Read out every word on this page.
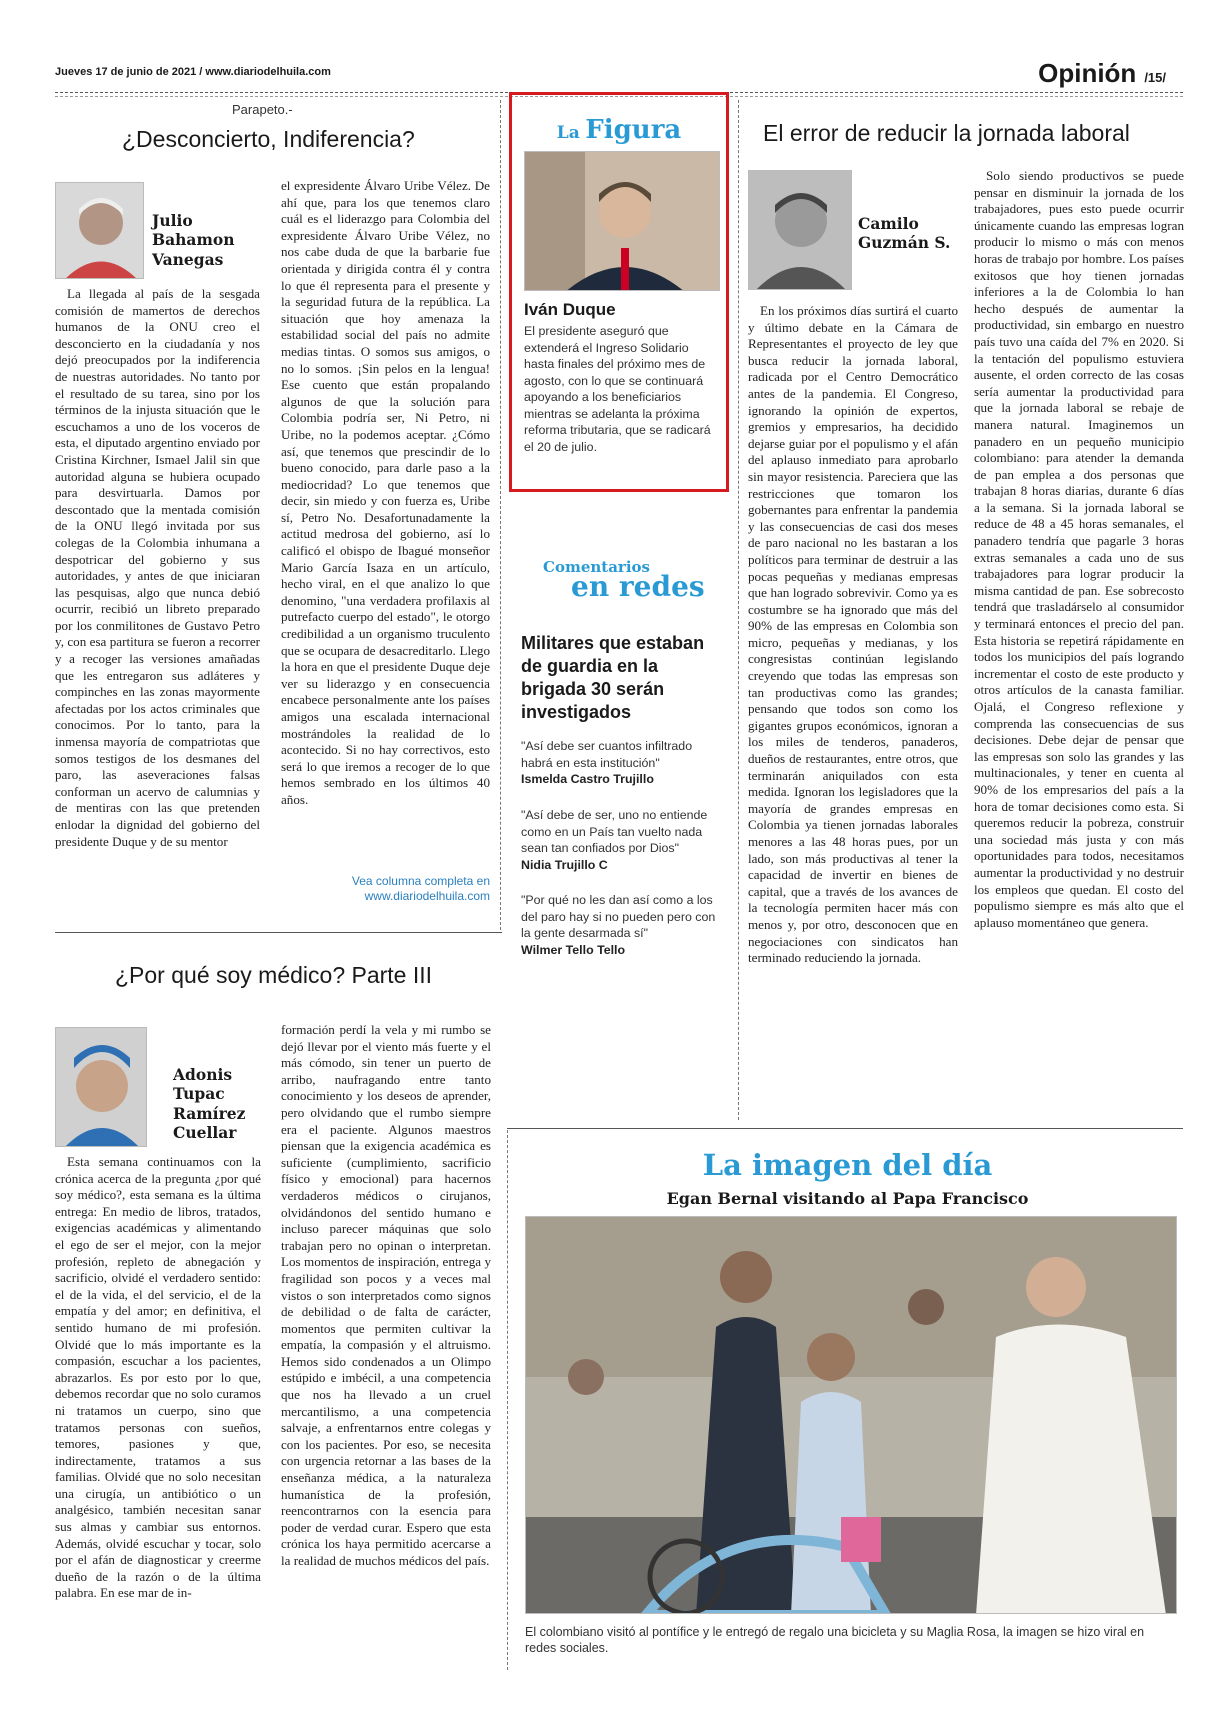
Jueves 17 de junio de 2021 / www.diariodelhuila.com	Opinión /15/
Parapeto.-
¿Desconcierto, Indiferencia?
Julio
Bahamon
Vanegas

La llegada al país de la sesgada comisión de mamertos de derechos humanos de la ONU creo el desconcierto en la ciudadanía y nos dejó preocupados por la indiferencia de nuestras autoridades. No tanto por el resultado de su tarea, sino por los términos de la injusta situación que le escuchamos a uno de los voceros de esta, el diputado argentino enviado por Cristina Kirchner, Ismael Jalil sin que autoridad alguna se hubiera ocupado para desvirtuarla. Damos por descontado que la mentada comisión de la ONU llegó invitada por sus colegas de la Colombia inhumana a despotricar del gobierno y sus autoridades, y antes de que iniciaran las pesquisas, algo que nunca debió ocurrir, recibió un libreto preparado por los conmilitones de Gustavo Petro y, con esa partitura se fueron a recorrer y a recoger las versiones amañadas que les entregaron sus adláteres y compinches en las zonas mayormente afectadas por los actos criminales que conocimos. Por lo tanto, para la inmensa mayoría de compatriotas que somos testigos de los desmanes del paro, las aseveraciones falsas conforman un acervo de calumnias y de mentiras con las que pretenden enlodar la dignidad del gobierno del presidente Duque y de su mentor

el expresidente Álvaro Uribe Vélez. De ahí que, para los que tenemos claro cuál es el liderazgo para Colombia del expresidente Álvaro Uribe Vélez, no nos cabe duda de que la barbarie fue orientada y dirigida contra él y contra lo que él representa para el presente y la seguridad futura de la república. La situación que hoy amenaza la estabilidad social del país no admite medias tintas. O somos sus amigos, o no lo somos. ¡Sin pelos en la lengua! Ese cuento que están propalando algunos de que la solución para Colombia podría ser, Ni Petro, ni Uribe, no la podemos aceptar. ¿Cómo así, que tenemos que prescindir de lo bueno conocido, para darle paso a la mediocridad? Lo que tenemos que decir, sin miedo y con fuerza es, Uribe sí, Petro No. Desafortunadamente la actitud medrosa del gobierno, así lo calificó el obispo de Ibagué monseñor Mario García Isaza en un artículo, hecho viral, en el que analizo lo que denomino, "una verdadera profilaxis al putrefacto cuerpo del estado", le otorgo credibilidad a un organismo truculento que se ocupara de desacreditarlo. Llego la hora en que el presidente Duque deje ver su liderazgo y en consecuencia encabece personalmente ante los países amigos una escalada internacional mostrándoles la realidad de lo acontecido. Si no hay correctivos, esto será lo que iremos a recoger de lo que hemos sembrado en los últimos 40 años.

Vea columna completa en
www.diariodelhuila.com
La Figura
Iván Duque
El presidente aseguró que extenderá el Ingreso Solidario hasta finales del próximo mes de agosto, con lo que se continuará apoyando a los beneficiarios mientras se adelanta la próxima reforma tributaria, que se radicará el 20 de julio.
Comentarios
en redes
Militares que estaban de guardia en la brigada 30 serán investigados
"Así debe ser cuantos infiltrado habrá en esta institución"
Ismelda Castro Trujillo
"Así debe de ser, uno no entiende como en un País tan vuelto nada sean tan confiados por Dios"
Nidia Trujillo C
"Por qué no les dan así como a los del paro hay si no pueden pero con la gente desarmada sí"
Wilmer Tello Tello
El error de reducir la jornada laboral
Camilo
Guzmán S.

En los próximos días surtirá el cuarto y último debate en la Cámara de Representantes el proyecto de ley que busca reducir la jornada laboral, radicada por el Centro Democrático antes de la pandemia. El Congreso, ignorando la opinión de expertos, gremios y empresarios, ha decidido dejarse guiar por el populismo y el afán del aplauso inmediato para aprobarlo sin mayor resistencia. Pareciera que las restricciones que tomaron los gobernantes para enfrentar la pandemia y las consecuencias de casi dos meses de paro nacional no les bastaran a los políticos para terminar de destruir a las pocas pequeñas y medianas empresas que han logrado sobrevivir. Como ya es costumbre se ha ignorado que más del 90% de las empresas en Colombia son micro, pequeñas y medianas, y los congresistas continúan legislando creyendo que todas las empresas son tan productivas como las grandes; pensando que todos son como los gigantes grupos económicos, ignoran a los miles de tenderos, panaderos, dueños de restaurantes, entre otros, que terminarán aniquilados con esta medida. Ignoran los legisladores que la mayoría de grandes empresas en Colombia ya tienen jornadas laborales menores a las 48 horas pues, por un lado, son más productivas al tener la capacidad de invertir en bienes de capital, que a través de los avances de la tecnología permiten hacer más con menos y, por otro, desconocen que en negociaciones con sindicatos han terminado reduciendo la jornada.

Solo siendo productivos se puede pensar en disminuir la jornada de los trabajadores, pues esto puede ocurrir únicamente cuando las empresas logran producir lo mismo o más con menos horas de trabajo por hombre. Los países exitosos que hoy tienen jornadas inferiores a la de Colombia lo han hecho después de aumentar la productividad, sin embargo en nuestro país tuvo una caída del 7% en 2020. Si la tentación del populismo estuviera ausente, el orden correcto de las cosas sería aumentar la productividad para que la jornada laboral se rebaje de manera natural. Imaginemos un panadero en un pequeño municipio colombiano: para atender la demanda de pan emplea a dos personas que trabajan 8 horas diarias, durante 6 días a la semana. Si la jornada laboral se reduce de 48 a 45 horas semanales, el panadero tendría que pagarle 3 horas extras semanales a cada uno de sus trabajadores para lograr producir la misma cantidad de pan. Ese sobrecosto tendrá que trasladárselo al consumidor y terminará entonces el precio del pan. Esta historia se repetirá rápidamente en todos los municipios del país logrando incrementar el costo de este producto y otros artículos de la canasta familiar. Ojalá, el Congreso reflexione y comprenda las consecuencias de sus decisiones. Debe dejar de pensar que las empresas son solo las grandes y las multinacionales, y tener en cuenta al 90% de los empresarios del país a la hora de tomar decisiones como esta. Si queremos reducir la pobreza, construir una sociedad más justa y con más oportunidades para todos, necesitamos aumentar la productividad y no destruir los empleos que quedan. El costo del populismo siempre es más alto que el aplauso momentáneo que genera.

¿Por qué soy médico? Parte III
Adonis
Tupac
Ramírez
Cuellar

Esta semana continuamos con la crónica acerca de la pregunta ¿por qué soy médico?, esta semana es la última entrega: En medio de libros, tratados, exigencias académicas y alimentando el ego de ser el mejor, con la mejor profesión, repleto de abnegación y sacrificio, olvidé el verdadero sentido: el de la vida, el del servicio, el de la empatía y del amor; en definitiva, el sentido humano de mi profesión. Olvidé que lo más importante es la compasión, escuchar a los pacientes, abrazarlos. Es por esto por lo que, debemos recordar que no solo curamos ni tratamos un cuerpo, sino que tratamos personas con sueños, temores, pasiones y que, indirectamente, tratamos a sus familias. Olvidé que no solo necesitan una cirugía, un antibiótico o un analgésico, también necesitan sanar sus almas y cambiar sus entornos. Además, olvidé escuchar y tocar, solo por el afán de diagnosticar y creerme dueño de la razón o de la última palabra. En ese mar de in-

formación perdí la vela y mi rumbo se dejó llevar por el viento más fuerte y el más cómodo, sin tener un puerto de arribo, naufragando entre tanto conocimiento y los deseos de aprender, pero olvidando que el rumbo siempre era el paciente. Algunos maestros piensan que la exigencia académica es suficiente (cumplimiento, sacrificio físico y emocional) para hacernos verdaderos médicos o cirujanos, olvidándonos del sentido humano e incluso parecer máquinas que solo trabajan pero no opinan o interpretan. Los momentos de inspiración, entrega y fragilidad son pocos y a veces mal vistos o son interpretados como signos de debilidad o de falta de carácter, momentos que permiten cultivar la empatía, la compasión y el altruismo. Hemos sido condenados a un Olimpo estúpido e imbécil, a una competencia que nos ha llevado a un cruel mercantilismo, a una competencia salvaje, a enfrentarnos entre colegas y con los pacientes. Por eso, se necesita con urgencia retornar a las bases de la enseñanza médica, a la naturaleza humanística de la profesión, reencontrarnos con la esencia para poder de verdad curar. Espero que esta crónica los haya permitido acercarse a la realidad de muchos médicos del país.

La imagen del día
Egan Bernal visitando al Papa Francisco
El colombiano visitó al pontífice y le entregó de regalo una bicicleta y su Maglia Rosa, la imagen se hizo viral en redes sociales.
